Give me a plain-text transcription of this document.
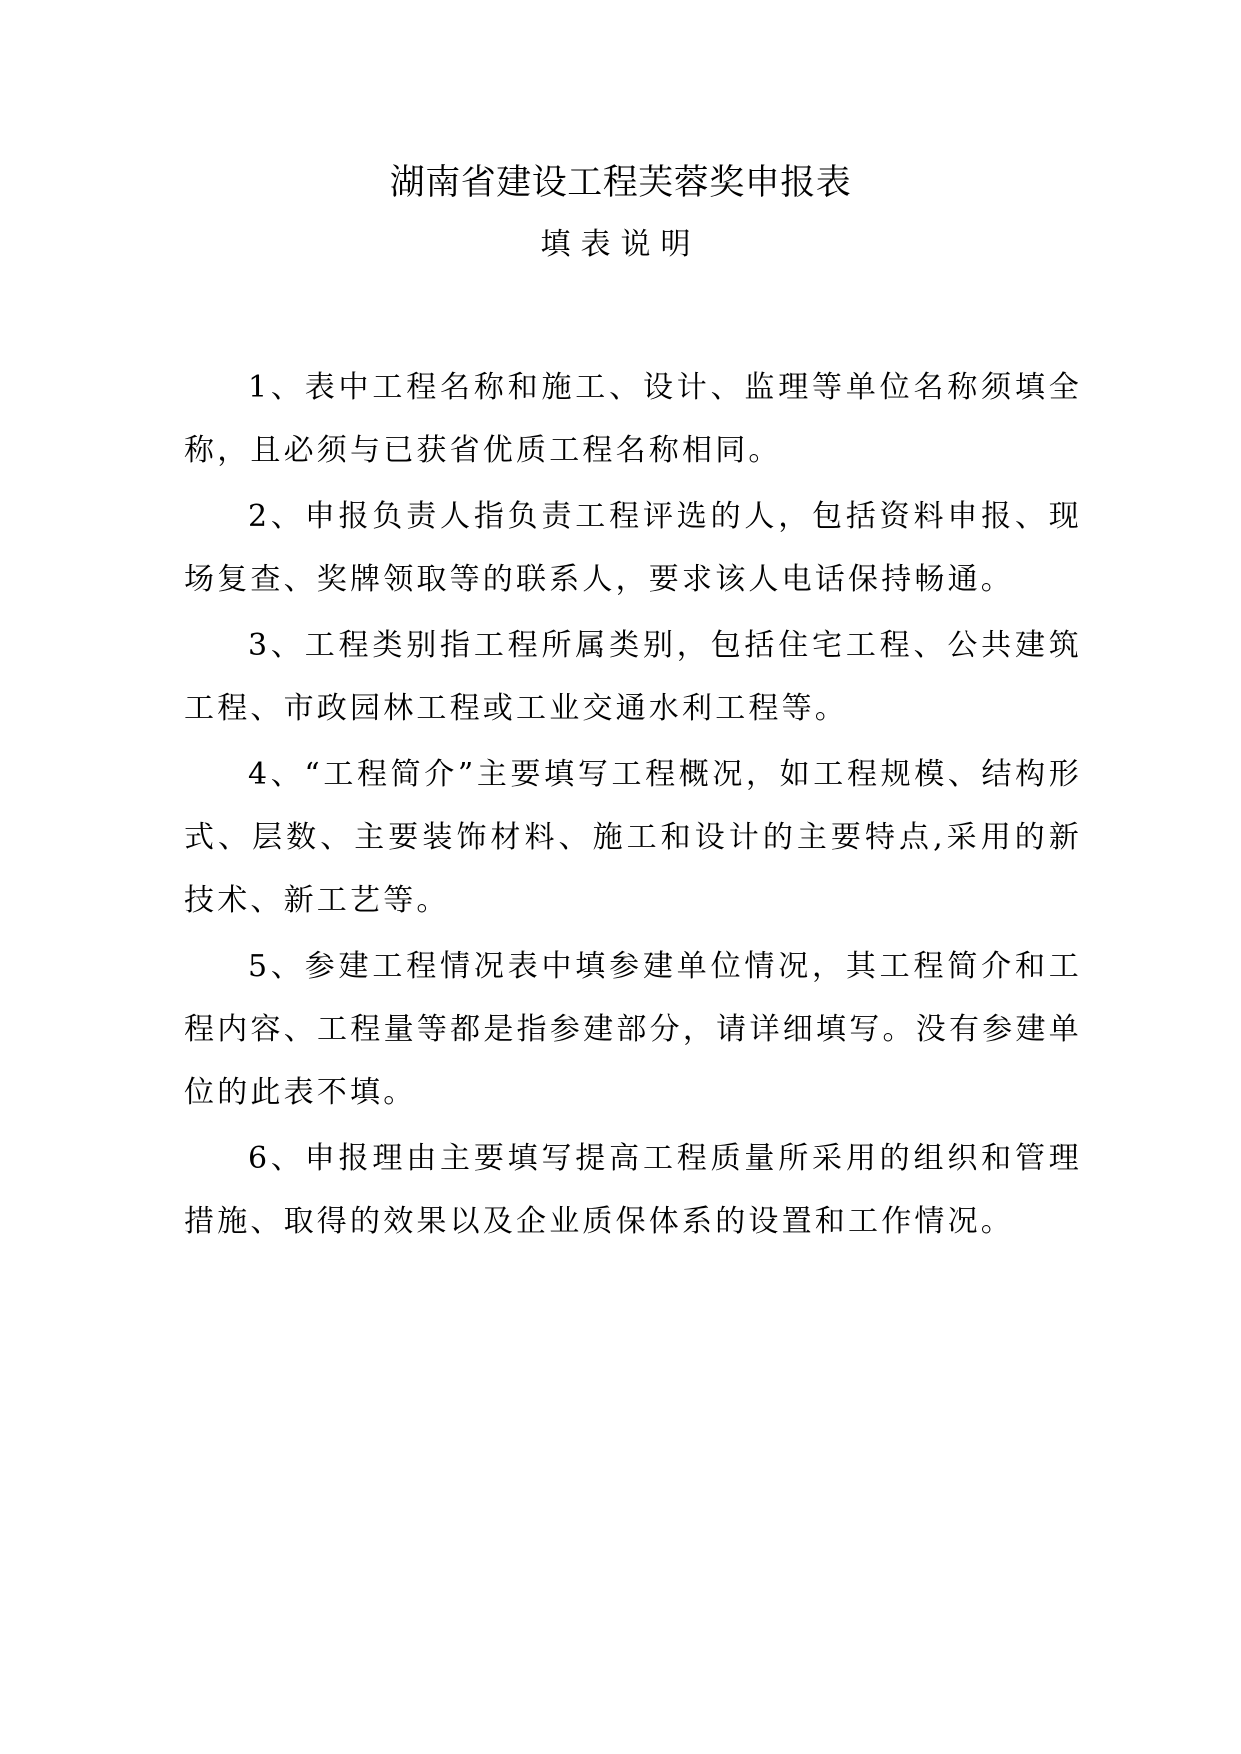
湖南省建设工程芙蓉奖申报表
填表说明

1、表中工程名称和施工、设计、监理等单位名称须填全称，且必须与已获省优质工程名称相同。

2、申报负责人指负责工程评选的人，包括资料申报、现场复查、奖牌领取等的联系人，要求该人电话保持畅通。

3、工程类别指工程所属类别，包括住宅工程、公共建筑工程、市政园林工程或工业交通水利工程等。

4、“工程简介”主要填写工程概况，如工程规模、结构形式、层数、主要装饰材料、施工和设计的主要特点,采用的新技术、新工艺等。

5、参建工程情况表中填参建单位情况，其工程简介和工程内容、工程量等都是指参建部分，请详细填写。没有参建单位的此表不填。

6、申报理由主要填写提高工程质量所采用的组织和管理措施、取得的效果以及企业质保体系的设置和工作情况。
